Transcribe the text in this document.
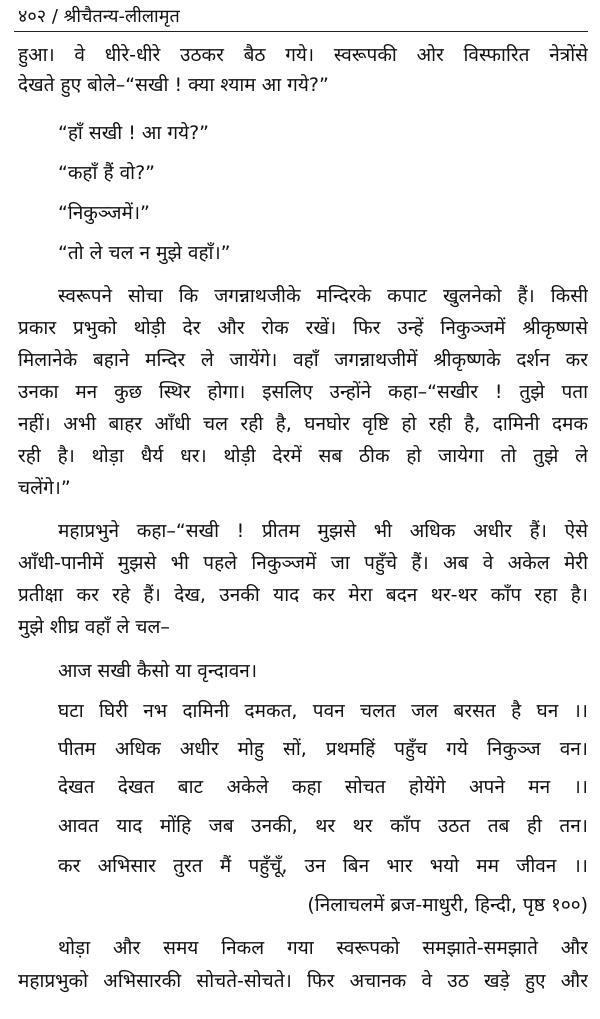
४०२ / श्रीचैतन्य-लीलामृत
हुआ। वे धीरे-धीरे उठकर बैठ गये। स्वरूपकी ओर विस्फारित नेत्रोंसे
देखते हुए बोले–“सखी ! क्या श्याम आ गये?”
“हाँ सखी ! आ गये?”
“कहाँ हैं वो?”
“निकुञ्जमें।”
“तो ले चल न मुझे वहाँ।”
स्वरूपने सोचा कि जगन्नाथजीके मन्दिरके कपाट खुलनेको हैं। किसी
प्रकार प्रभुको थोड़ी देर और रोक रखें। फिर उन्हें निकुञ्जमें श्रीकृष्णसे
मिलानेके बहाने मन्दिर ले जायेंगे। वहाँ जगन्नाथजीमें श्रीकृष्णके दर्शन कर
उनका मन कुछ स्थिर होगा। इसलिए उन्होंने कहा–“सखीर ! तुझे पता
नहीं। अभी बाहर आँधी चल रही है, घनघोर वृष्टि हो रही है, दामिनी दमक
रही है। थोड़ा धैर्य धर। थोड़ी देरमें सब ठीक हो जायेगा तो तुझे ले
चलेंगे।”
महाप्रभुने कहा–“सखी ! प्रीतम मुझसे भी अधिक अधीर हैं। ऐसे
आँधी-पानीमें मुझसे भी पहले निकुञ्जमें जा पहुँचे हैं। अब वे अकेल मेरी
प्रतीक्षा कर रहे हैं। देख, उनकी याद कर मेरा बदन थर-थर काँप रहा है।
मुझे शीघ्र वहाँ ले चल–
आज सखी कैसो या वृन्दावन।
घटा घिरी नभ दामिनी दमकत, पवन चलत जल बरसत है घन ।।
पीतम अधिक अधीर मोहु सों, प्रथमहिं पहुँच गये निकुञ्ज वन।
देखत देखत बाट अकेले कहा सोचत होयेंगे अपने मन ।।
आवत याद मोंहि जब उनकी, थर थर काँप उठत तब ही तन।
कर अभिसार तुरत मैं पहुँचूँ, उन बिन भार भयो मम जीवन ।।
(निलाचलमें ब्रज-माधुरी, हिन्दी, पृष्ठ १००)
थोड़ा और समय निकल गया स्वरूपको समझाते-समझाते और
महाप्रभुको अभिसारकी सोचते-सोचते। फिर अचानक वे उठ खड़े हुए और
